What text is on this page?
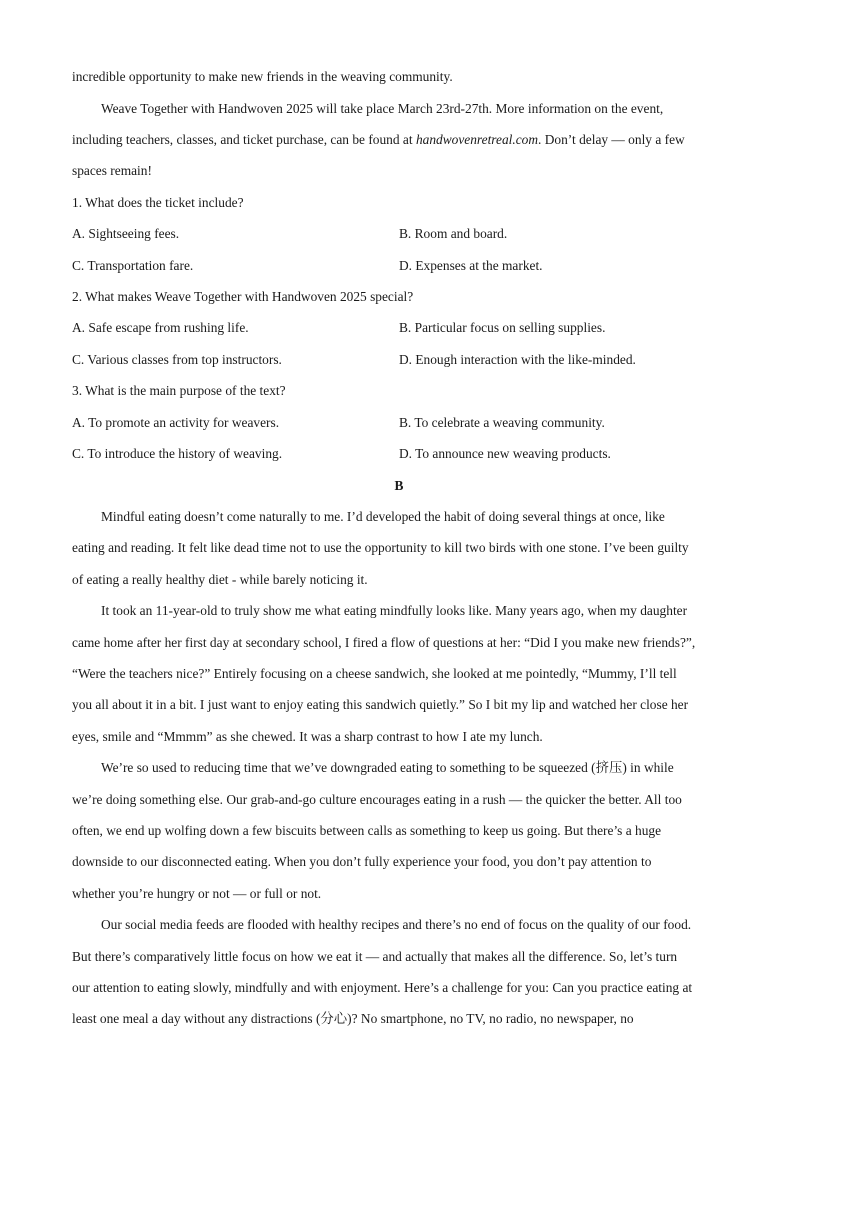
incredible opportunity to make new friends in the weaving community.
Weave Together with Handwoven 2025 will take place March 23rd-27th. More information on the event,
including teachers, classes, and ticket purchase, can be found at handwovenretreal.com. Don’t delay — only a few
spaces remain!
1. What does the ticket include?
A. Sightseeing fees.	B. Room and board.
C. Transportation fare.	D. Expenses at the market.
2. What makes Weave Together with Handwoven 2025 special?
A. Safe escape from rushing life.	B. Particular focus on selling supplies.
C. Various classes from top instructors.	D. Enough interaction with the like-minded.
3. What is the main purpose of the text?
A. To promote an activity for weavers.	B. To celebrate a weaving community.
C. To introduce the history of weaving.	D. To announce new weaving products.
B
Mindful eating doesn’t come naturally to me. I’d developed the habit of doing several things at once, like
eating and reading. It felt like dead time not to use the opportunity to kill two birds with one stone. I’ve been guilty
of eating a really healthy diet - while barely noticing it.
It took an 11-year-old to truly show me what eating mindfully looks like. Many years ago, when my daughter
came home after her first day at secondary school, I fired a flow of questions at her: “Did I you make new friends?”,
“Were the teachers nice?” Entirely focusing on a cheese sandwich, she looked at me pointedly, “Mummy, I’ll tell
you all about it in a bit. I just want to enjoy eating this sandwich quietly.” So I bit my lip and watched her close her
eyes, smile and “Mmmm” as she chewed. It was a sharp contrast to how I ate my lunch.
We’re so used to reducing time that we’ve downgraded eating to something to be squeezed (挤压) in while
we’re doing something else. Our grab-and-go culture encourages eating in a rush — the quicker the better. All too
often, we end up wolfing down a few biscuits between calls as something to keep us going. But there’s a huge
downside to our disconnected eating. When you don’t fully experience your food, you don’t pay attention to
whether you’re hungry or not — or full or not.
Our social media feeds are flooded with healthy recipes and there’s no end of focus on the quality of our food.
But there’s comparatively little focus on how we eat it — and actually that makes all the difference. So, let’s turn
our attention to eating slowly, mindfully and with enjoyment. Here’s a challenge for you: Can you practice eating at
least one meal a day without any distractions (分心)? No smartphone, no TV, no radio, no newspaper, no
